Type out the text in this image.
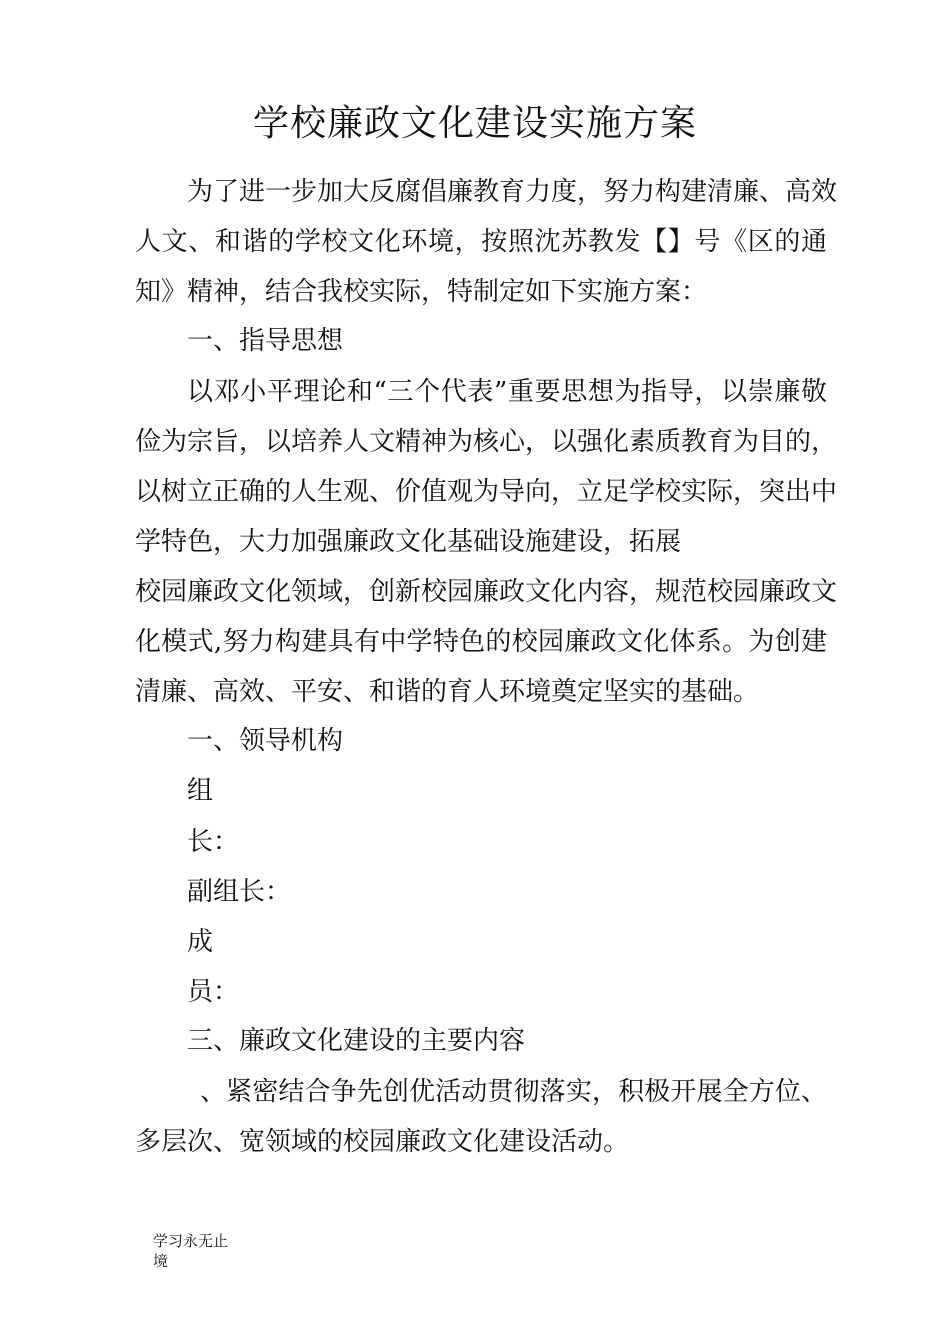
学校廉政文化建设实施方案
为了进一步加大反腐倡廉教育力度，努力构建清廉、高效
人文、和谐的学校文化环境，按照沈苏教发【】号《区的通
知》精神，结合我校实际，特制定如下实施方案：
一、指导思想
以邓小平理论和“三个代表”重要思想为指导，以崇廉敬
俭为宗旨，以培养人文精神为核心，以强化素质教育为目的，
以树立正确的人生观、价值观为导向，立足学校实际，突出中
学特色，大力加强廉政文化基础设施建设，拓展
校园廉政文化领域，创新校园廉政文化内容，规范校园廉政文
化模式,努力构建具有中学特色的校园廉政文化体系。为创建
清廉、高效、平安、和谐的育人环境奠定坚实的基础。
一、领导机构
组
长：
副组长：
成
员：
三、廉政文化建设的主要内容
、紧密结合争先创优活动贯彻落实，积极开展全方位、
多层次、宽领域的校园廉政文化建设活动。
学习永无止
境
